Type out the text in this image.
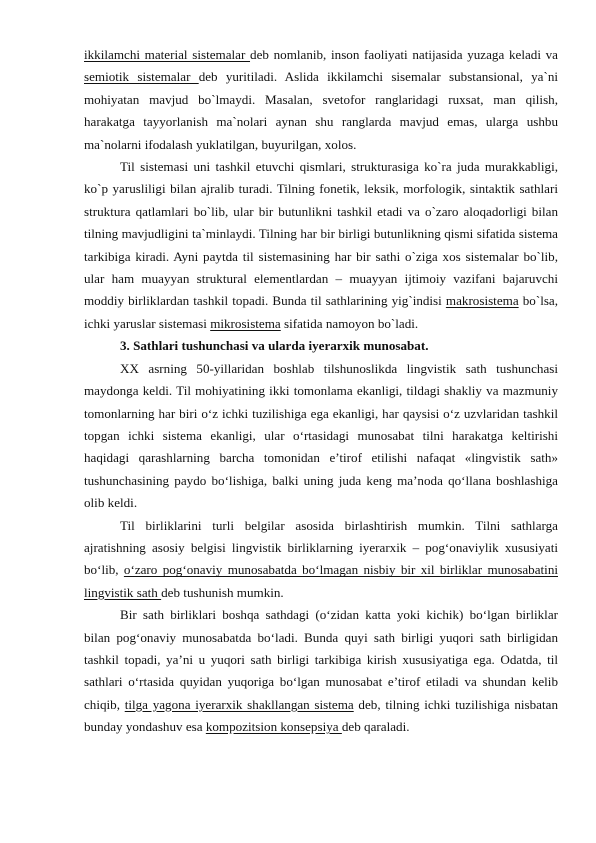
ikkilamchi material sistemalar deb nomlanib, inson faoliyati natijasida yuzaga keladi va semiotik sistemalar deb yuritiladi. Aslida ikkilamchi sisemalar substansional, ya`ni mohiyatan mavjud bo`lmaydi. Masalan, svetofor ranglaridagi ruxsat, man qilish, harakatga tayyorlanish ma`nolari aynan shu ranglarda mavjud emas, ularga ushbu ma`nolarni ifodalash yuklatilgan, buyurilgan, xolos.

Til sistemasi uni tashkil etuvchi qismlari, strukturasiga ko`ra juda murakkabligi, ko`p yarusliligi bilan ajralib turadi. Tilning fonetik, leksik, morfologik, sintaktik sathlari struktura qatlamlari bo`lib, ular bir butunlikni tashkil etadi va o`zaro aloqadorligi bilan tilning mavjudligini ta`minlaydi. Tilning har bir birligi butunlikning qismi sifatida sistema tarkibiga kiradi. Ayni paytda til sistemasining har bir sathi o`ziga xos sistemalar bo`lib, ular ham muayyan struktural elementlardan – muayyan ijtimoiy vazifani bajaruvchi moddiy birliklardan tashkil topadi. Bunda til sathlarining yig`indisi makrosistema bo`lsa, ichki yaruslar sistemasi mikrosistema sifatida namoyon bo`ladi.

3. Sathlari tushunchasi va ularda iyerarxik munosabat.

XX asrning 50-yillaridan boshlab tilshunoslikda lingvistik sath tushunchasi maydonga keldi. Til mohiyatining ikki tomonlama ekanligi, tildagi shakliy va mazmuniy tomonlarning har biri o‘z ichki tuzilishiga ega ekanligi, har qaysisi o‘z uzvlaridan tashkil topgan ichki sistema ekanligi, ular o‘rtasidagi munosabat tilni harakatga keltirishi haqidagi qarashlarning barcha tomonidan e’tirof etilishi nafaqat «lingvistik sath» tushunchasining paydo bo‘lishiga, balki uning juda keng ma’noda qo‘llana boshlashiga olib keldi.

Til birliklarini turli belgilar asosida birlashtirish mumkin. Tilni sathlarga ajratishning asosiy belgisi lingvistik birliklarning iyerarxik – pog‘onaviylik xususiyati bo‘lib, o‘zaro pog‘onaviy munosabatda bo‘lmagan nisbiy bir xil birliklar munosabatini lingvistik sath deb tushunish mumkin.

Bir sath birliklari boshqa sathdagi (o‘zidan katta yoki kichik) bo‘lgan birliklar bilan pog‘onaviy munosabatda bo‘ladi. Bunda quyi sath birligi yuqori sath birligidan tashkil topadi, ya’ni u yuqori sath birligi tarkibiga kirish xususiyatiga ega. Odatda, til sathlari o‘rtasida quyidan yuqoriga bo‘lgan munosabat e’tirof etiladi va shundan kelib chiqib, tilga yagona iyerarxik shakllangan sistema deb, tilning ichki tuzilishiga nisbatan bunday yondashuv esa kompozitsion konsepsiya deb qaraladi.
